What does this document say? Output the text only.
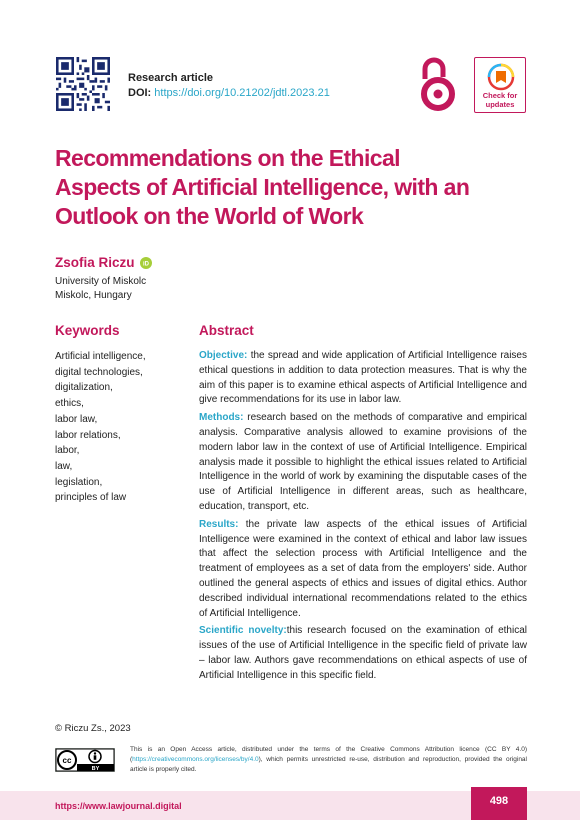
Research article
DOI: https://doi.org/10.21202/jdtl.2023.21	Check for updates
Recommendations on the Ethical Aspects of Artificial Intelligence, with an Outlook on the World of Work
Zsofia Riczu iD
University of Miskolc
Miskolc, Hungary
Keywords
Artificial intelligence,
digital technologies,
digitalization,
ethics,
labor law,
labor relations,
labor,
law,
legislation,
principles of law
Abstract

Objective: the spread and wide application of Artificial Intelligence raises ethical questions in addition to data protection measures. That is why the aim of this paper is to examine ethical aspects of Artificial Intelligence and give recommendations for its use in labor law.

Methods: research based on the methods of comparative and empirical analysis. Comparative analysis allowed to examine provisions of the modern labor law in the context of use of Artificial Intelligence. Empirical analysis made it possible to highlight the ethical issues related to Artificial Intelligence in the world of work by examining the disputable cases of the use of Artificial Intelligence in different areas, such as healthcare, education, transport, etc.

Results: the private law aspects of the ethical issues of Artificial Intelligence were examined in the context of ethical and labor law issues that affect the selection process with Artificial Intelligence and the treatment of employees as a set of data from the employers' side. Author outlined the general aspects of ethics and issues of digital ethics. Author described individual international recommendations related to the ethics of Artificial Intelligence.

Scientific novelty:this research focused on the examination of ethical issues of the use of Artificial Intelligence in the specific field of private law – labor law. Authors gave recommendations on ethical aspects of use of Artificial Intelligence in this specific field.

© Riczu Zs., 2023
cc
BY
This is an Open Access article, distributed under the terms of the Creative Commons Attribution licence (CC BY 4.0) (https://creativecommons.org/licenses/by/4.0), which permits unrestricted re-use, distribution and reproduction, provided the original article is properly cited.
https://www.lawjournal.digital	498
